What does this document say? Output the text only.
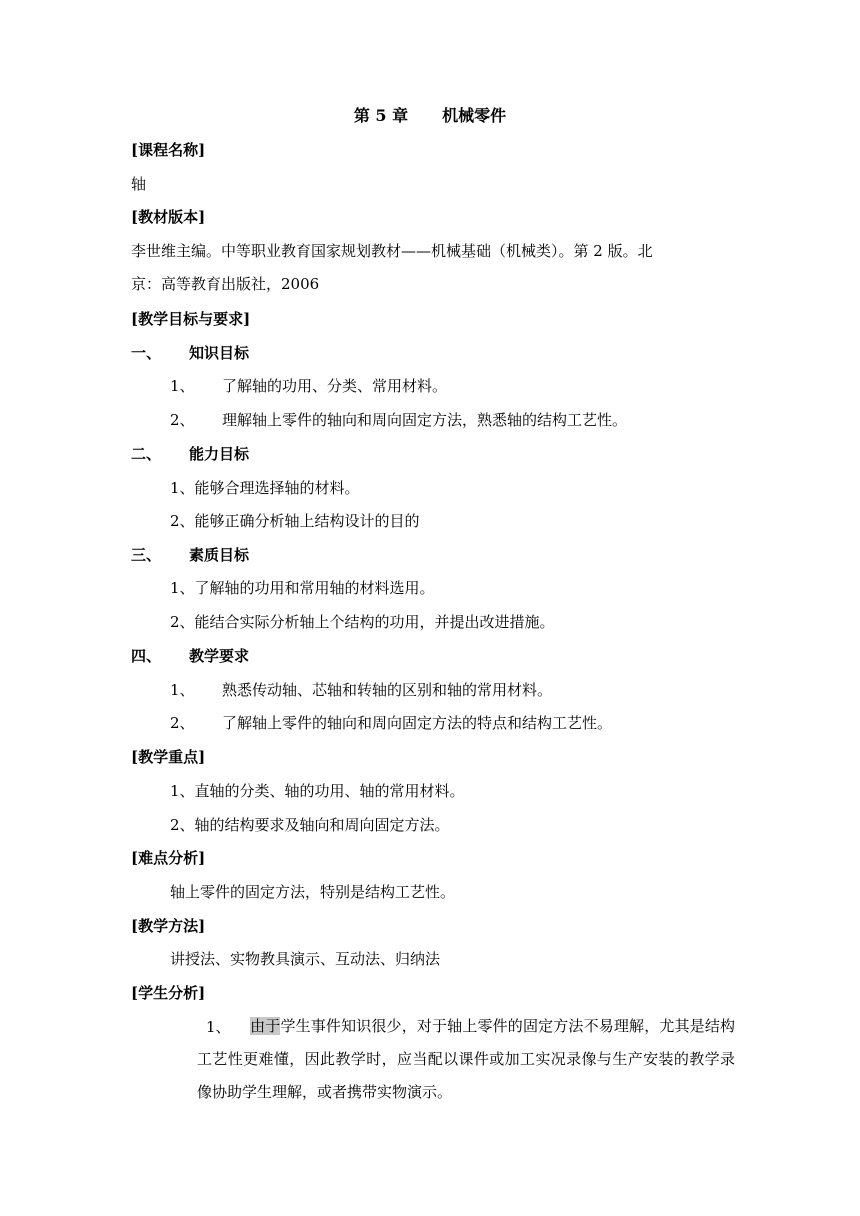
第 5 章 机械零件
[课程名称]
轴
[教材版本]
李世维主编。中等职业教育国家规划教材——机械基础（机械类）。第 2 版。北
京：高等教育出版社，2006
[教学目标与要求]
一、 知识目标
1、 了解轴的功用、分类、常用材料。
2、 理解轴上零件的轴向和周向固定方法，熟悉轴的结构工艺性。
二、 能力目标
1、能够合理选择轴的材料。
2、能够正确分析轴上结构设计的目的
三、 素质目标
1、了解轴的功用和常用轴的材料选用。
2、能结合实际分析轴上个结构的功用，并提出改进措施。
四、 教学要求
1、 熟悉传动轴、芯轴和转轴的区别和轴的常用材料。
2、 了解轴上零件的轴向和周向固定方法的特点和结构工艺性。
[教学重点]
1、直轴的分类、轴的功用、轴的常用材料。
2、轴的结构要求及轴向和周向固定方法。
[难点分析]
轴上零件的固定方法，特别是结构工艺性。
[教学方法]
讲授法、实物教具演示、互动法、归纳法
[学生分析]
1、	由于学生事件知识很少，对于轴上零件的固定方法不易理解，尤其是结构工艺性更难懂，因此教学时，应当配以课件或加工实况录像与生产安装的教学录像协助学生理解，或者携带实物演示。
